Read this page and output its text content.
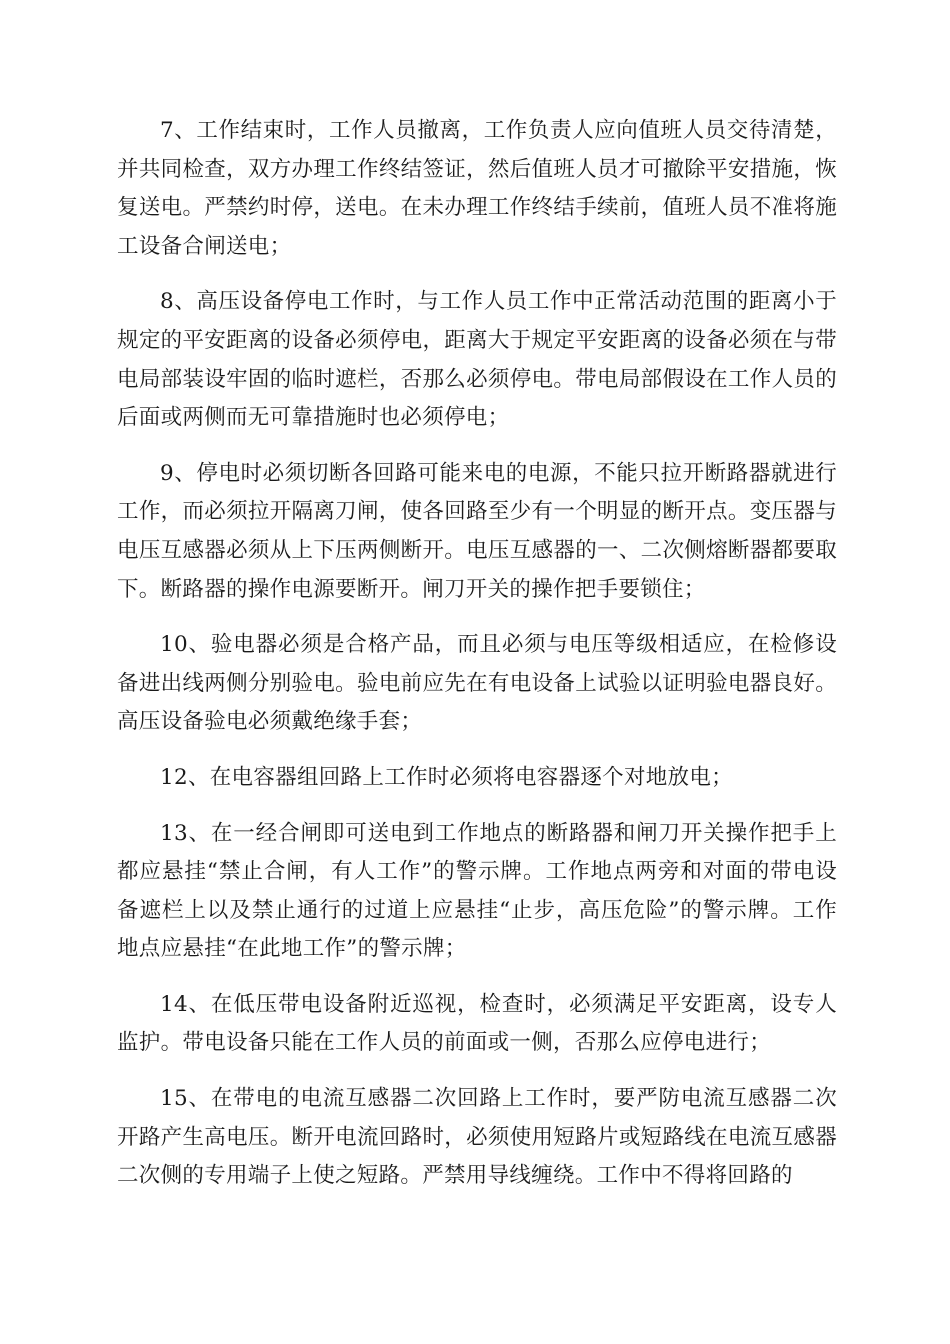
7、工作结束时，工作人员撤离，工作负责人应向值班人员交待清楚，并共同检查，双方办理工作终结签证，然后值班人员才可撤除平安措施，恢复送电。严禁约时停，送电。在未办理工作终结手续前，值班人员不准将施工设备合闸送电；

8、高压设备停电工作时，与工作人员工作中正常活动范围的距离小于规定的平安距离的设备必须停电，距离大于规定平安距离的设备必须在与带电局部装设牢固的临时遮栏，否那么必须停电。带电局部假设在工作人员的后面或两侧而无可靠措施时也必须停电；

9、停电时必须切断各回路可能来电的电源，不能只拉开断路器就进行工作，而必须拉开隔离刀闸，使各回路至少有一个明显的断开点。变压器与电压互感器必须从上下压两侧断开。电压互感器的一、二次侧熔断器都要取下。断路器的操作电源要断开。闸刀开关的操作把手要锁住；

10、验电器必须是合格产品，而且必须与电压等级相适应，在检修设备进出线两侧分别验电。验电前应先在有电设备上试验以证明验电器良好。高压设备验电必须戴绝缘手套；

12、在电容器组回路上工作时必须将电容器逐个对地放电；

13、在一经合闸即可送电到工作地点的断路器和闸刀开关操作把手上都应悬挂“禁止合闸，有人工作”的警示牌。工作地点两旁和对面的带电设备遮栏上以及禁止通行的过道上应悬挂“止步，高压危险”的警示牌。工作地点应悬挂“在此地工作”的警示牌；

14、在低压带电设备附近巡视，检查时，必须满足平安距离，设专人监护。带电设备只能在工作人员的前面或一侧，否那么应停电进行；

15、在带电的电流互感器二次回路上工作时，要严防电流互感器二次开路产生高电压。断开电流回路时，必须使用短路片或短路线在电流互感器二次侧的专用端子上使之短路。严禁用导线缠绕。工作中不得将回路的
